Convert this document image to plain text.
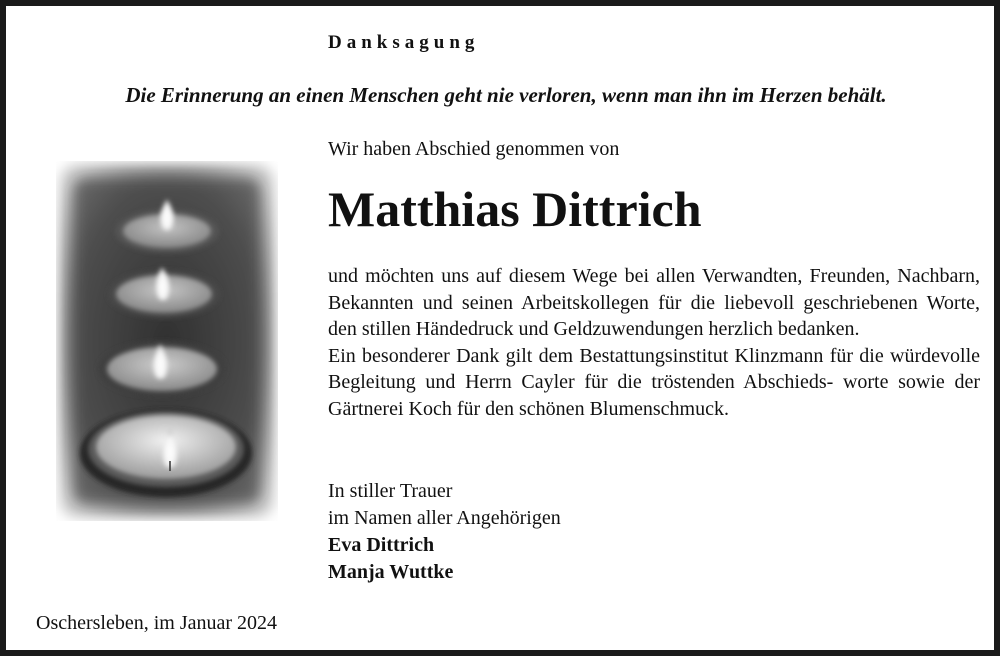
Danksagung
Die Erinnerung an einen Menschen geht nie verloren, wenn man ihn im Herzen behält.
Wir haben Abschied genommen von
Matthias Dittrich

und möchten uns auf diesem Wege bei allen Verwandten, Freunden, Nachbarn, Bekannten und seinen Arbeitskollegen für die liebevoll geschriebenen Worte, den stillen Händedruck und Geldzuwendungen herzlich bedanken.

Ein besonderer Dank gilt dem Bestattungsinstitut Klinzmann für die würdevolle Begleitung und Herrn Cayler für die tröstenden Abschieds- worte sowie der Gärtnerei Koch für den schönen Blumenschmuck.

In stiller Trauer
im Namen aller Angehörigen
Eva Dittrich
Manja Wuttke
Oschersleben, im Januar 2024
